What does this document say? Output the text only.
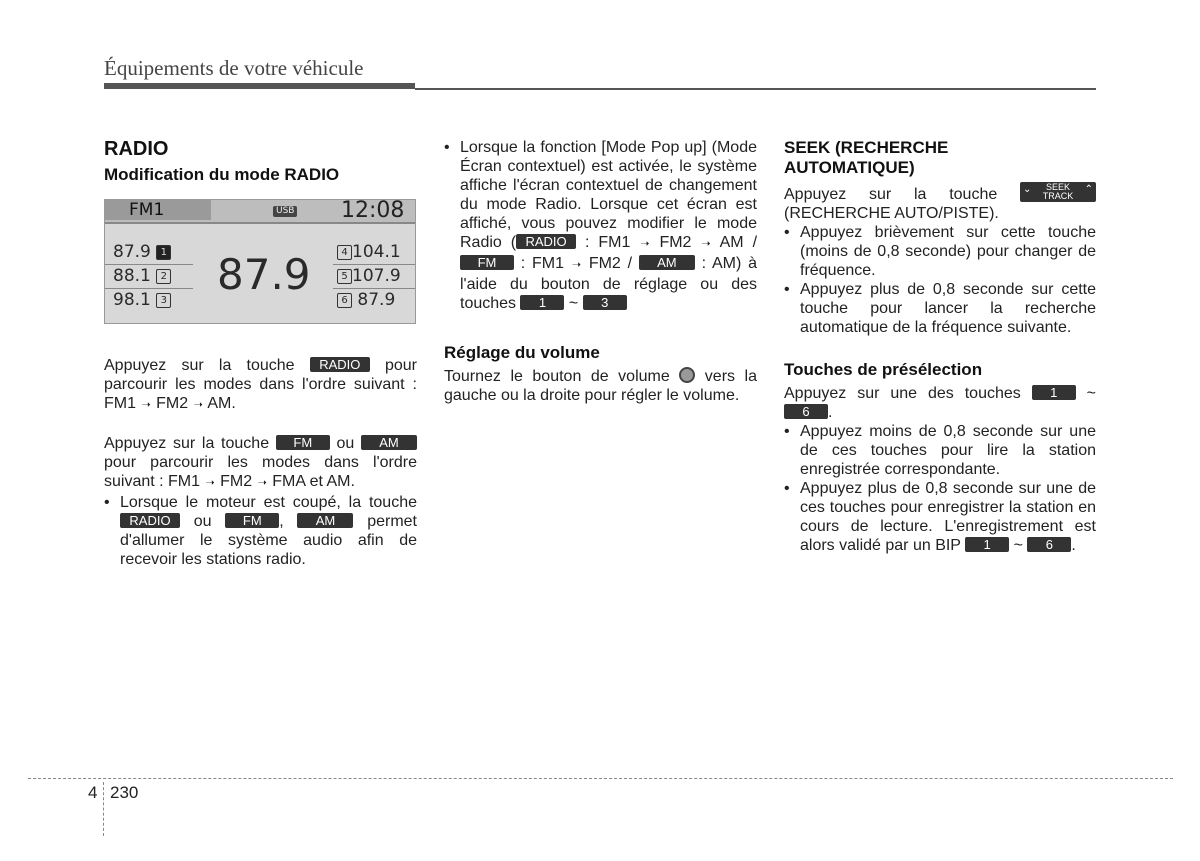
Équipements de votre véhicule
RADIO
Modification du mode RADIO
FM1	USB 12:08
87.9 1
88.1 2
98.1 3
87.9	4 104.1
5 107.9
6 87.9

Appuyez sur la touche RADIO pour parcourir les modes dans l'ordre suivant : FM1 ➝ FM2 ➝ AM.

Appuyez sur la touche FM ou AM pour parcourir les modes dans l'ordre suivant : FM1 ➝ FM2 ➝ FMA et AM.

• Lorsque le moteur est coupé, la touche RADIO ou FM , AM permet d'allumer le système audio afin de recevoir les stations radio.

• Lorsque la fonction [Mode Pop up] (Mode Écran contextuel) est activée, le système affiche l'écran contextuel de changement du mode Radio. Lorsque cet écran est affiché, vous pouvez modifier le mode Radio ( RADIO : FM1 ➝ FM2 ➝ AM / FM : FM1 ➝ FM2 / AM : AM) à l'aide du bouton de réglage ou des touches 1 ~ 3

Réglage du volume

Tournez le bouton de volume  vers la gauche ou la droite pour régler le volume.

SEEK (RECHERCHE
AUTOMATIQUE)

Appuyez sur la touche ⌄	SEEK
TRACK
⌃
(RECHERCHE AUTO/PISTE).

• Appuyez brièvement sur cette touche (moins de 0,8 seconde) pour changer de fréquence.

• Appuyez plus de 0,8 seconde sur cette touche pour lancer la recherche automatique de la fréquence suivante.

Touches de présélection

Appuyez sur une des touches 1 ~ 6 .

• Appuyez moins de 0,8 seconde sur une de ces touches pour lire la station enregistrée correspondante.

• Appuyez plus de 0,8 seconde sur une de ces touches pour enregistrer la station en cours de lecture. L'enregistrement est alors validé par un BIP 1 ~ 6 .

4 230
